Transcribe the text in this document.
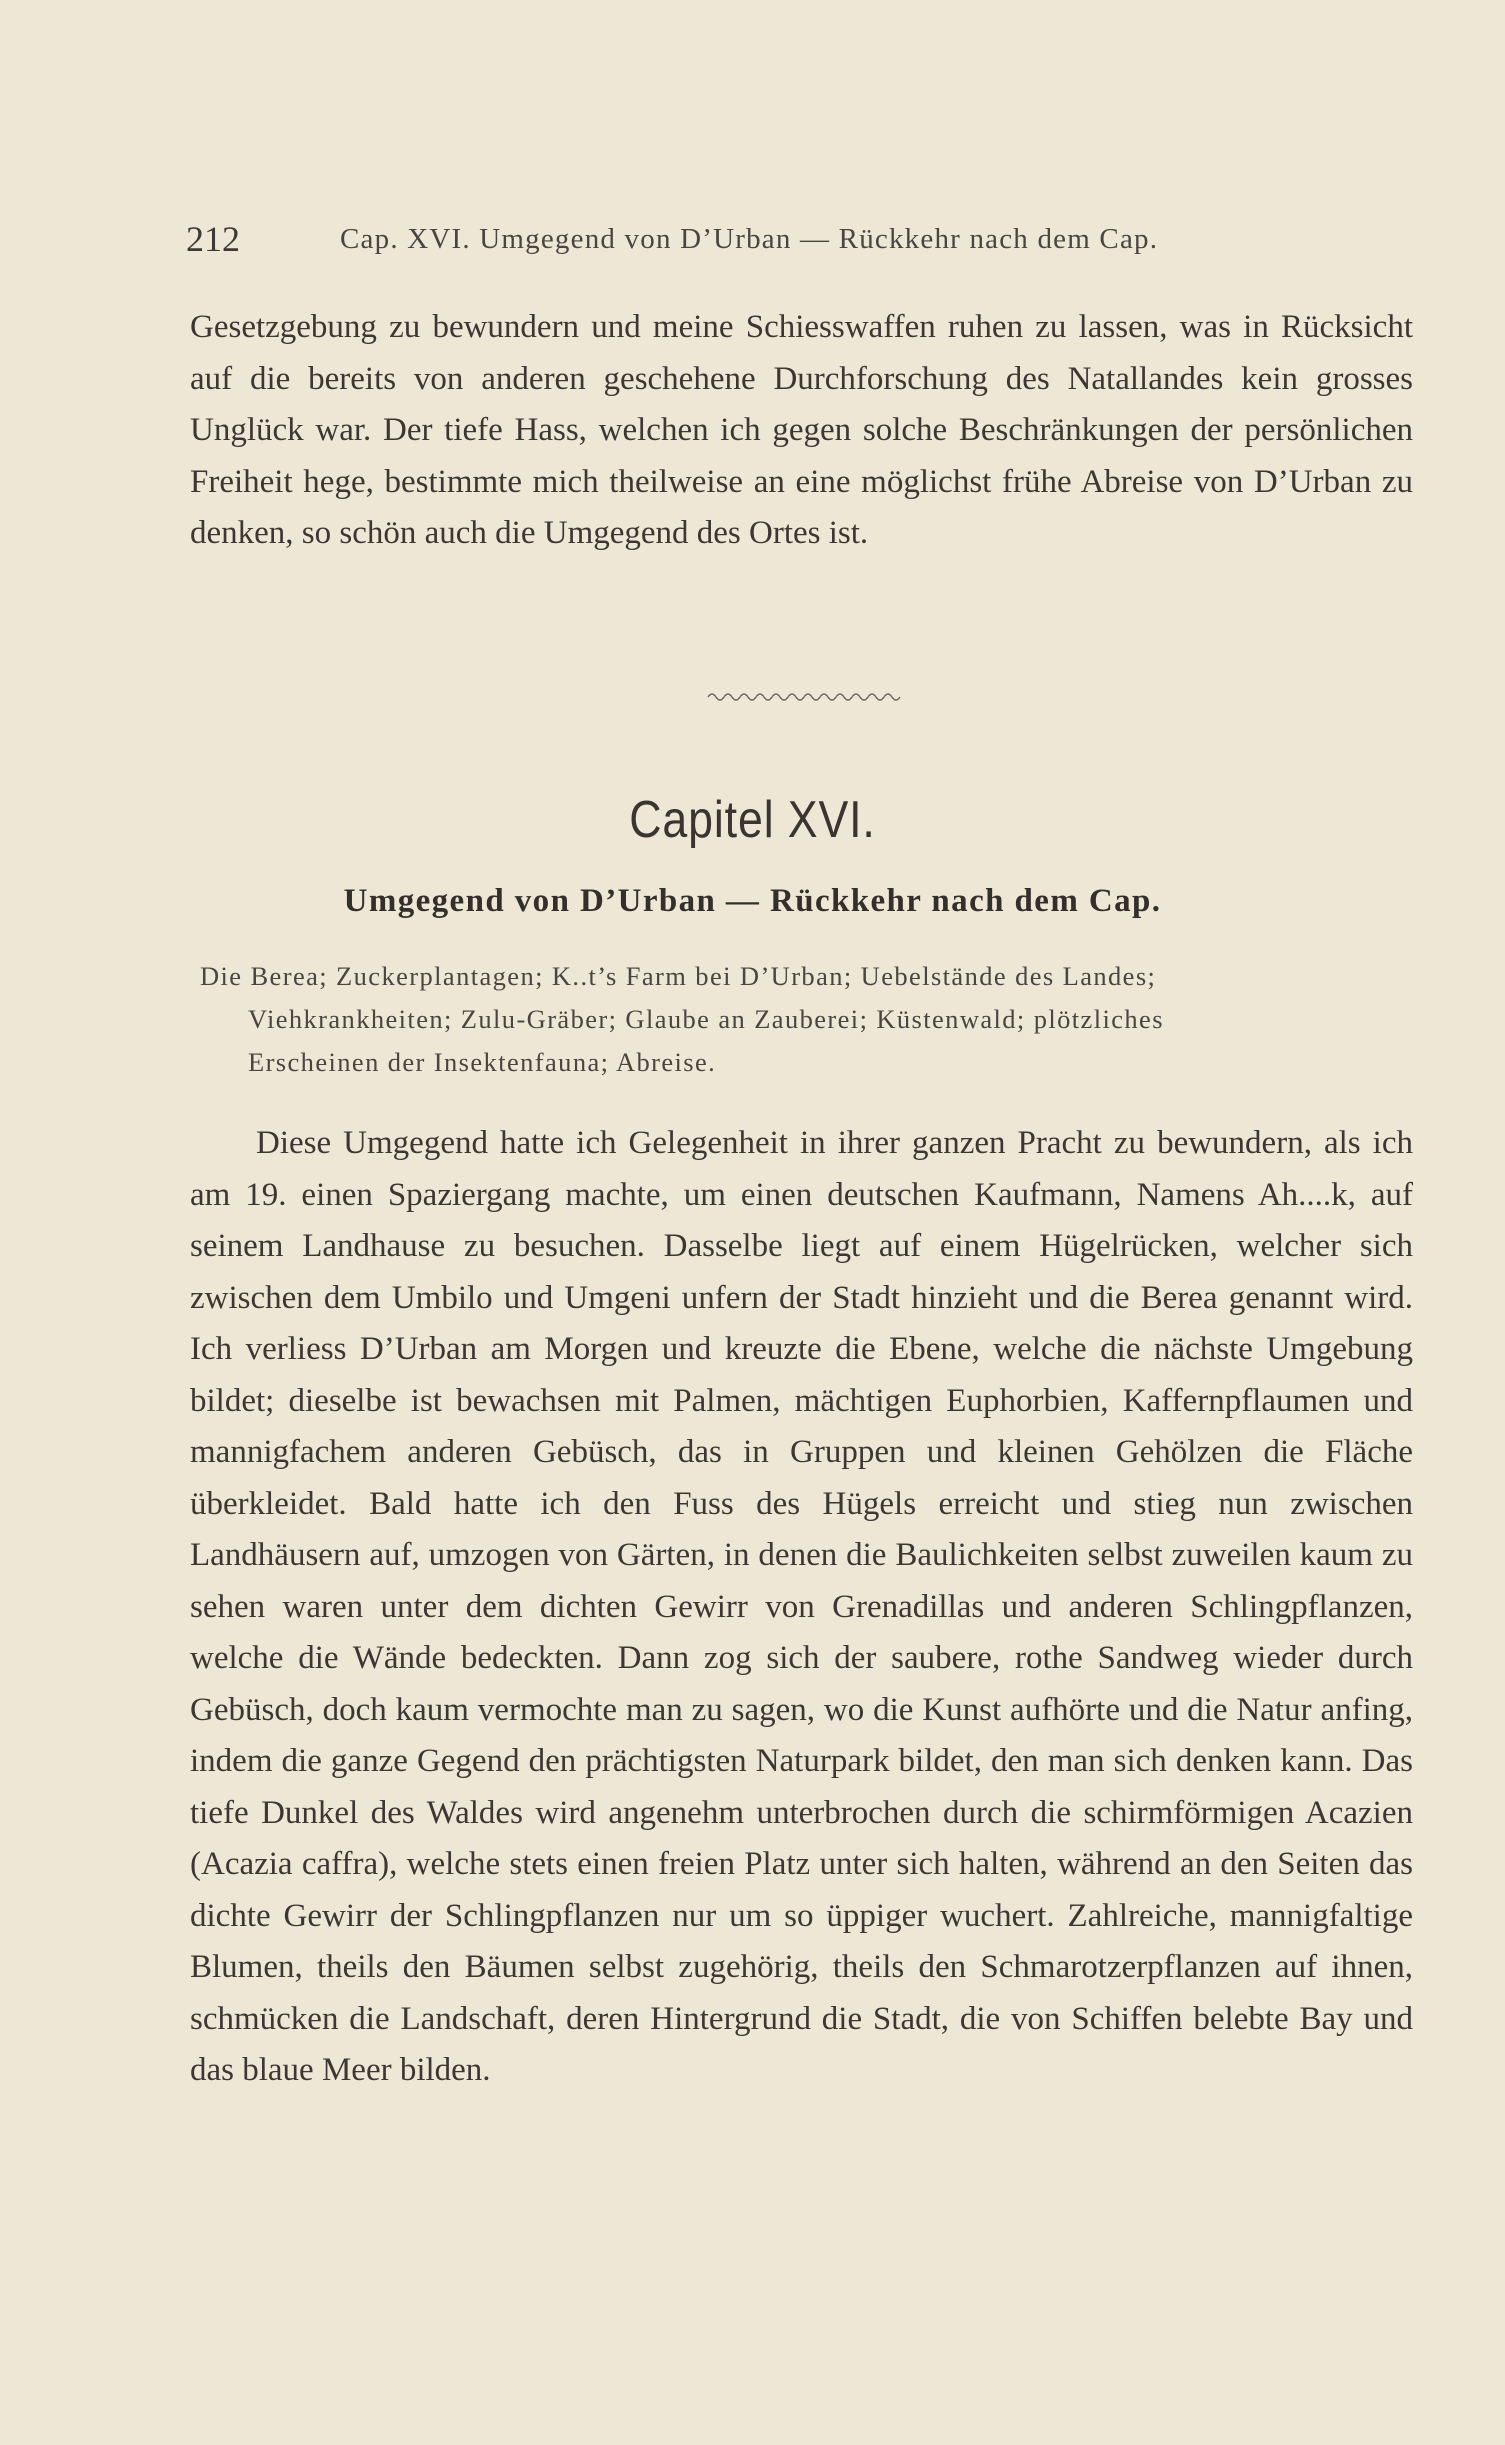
212	Cap. XVI. Umgegend von D’Urban — Rückkehr nach dem Cap.

Gesetzgebung zu bewundern und meine Schiesswaffen ruhen zu lassen, was in Rücksicht auf die bereits von anderen geschehene Durchforschung des Natallandes kein grosses Unglück war. Der tiefe Hass, welchen ich gegen solche Beschränkungen der persönlichen Freiheit hege, bestimmte mich theilweise an eine möglichst frühe Abreise von D’Urban zu denken, so schön auch die Umgegend des Ortes ist.

Capitel XVI.
Umgegend von D’Urban — Rückkehr nach dem Cap.
Die Berea; Zuckerplantagen; K..t’s Farm bei D’Urban; Uebelstände des Landes;
Viehkrankheiten; Zulu-Gräber; Glaube an Zauberei; Küstenwald; plötzliches
Erscheinen der Insektenfauna; Abreise.

Diese Umgegend hatte ich Gelegenheit in ihrer ganzen Pracht zu bewundern, als ich am 19. einen Spaziergang machte, um einen deutschen Kaufmann, Namens Ah....k, auf seinem Landhause zu besuchen. Dasselbe liegt auf einem Hügelrücken, welcher sich zwischen dem Umbilo und Umgeni unfern der Stadt hinzieht und die Berea genannt wird. Ich verliess D’Urban am Morgen und kreuzte die Ebene, welche die nächste Umgebung bildet; dieselbe ist bewachsen mit Palmen, mächtigen Euphorbien, Kaffernpflaumen und mannigfachem anderen Gebüsch, das in Gruppen und kleinen Gehölzen die Fläche überkleidet. Bald hatte ich den Fuss des Hügels erreicht und stieg nun zwischen Landhäusern auf, umzogen von Gärten, in denen die Baulichkeiten selbst zuweilen kaum zu sehen waren unter dem dichten Gewirr von Grenadillas und anderen Schlingpflanzen, welche die Wände bedeckten. Dann zog sich der saubere, rothe Sandweg wieder durch Gebüsch, doch kaum vermochte man zu sagen, wo die Kunst aufhörte und die Natur anfing, indem die ganze Gegend den prächtigsten Naturpark bildet, den man sich denken kann. Das tiefe Dunkel des Waldes wird angenehm unterbrochen durch die schirmförmigen Acazien (Acazia caffra), welche stets einen freien Platz unter sich halten, während an den Seiten das dichte Gewirr der Schlingpflanzen nur um so üppiger wuchert. Zahlreiche, mannigfaltige Blumen, theils den Bäumen selbst zugehörig, theils den Schmarotzerpflanzen auf ihnen, schmücken die Landschaft, deren Hintergrund die Stadt, die von Schiffen belebte Bay und das blaue Meer bilden.
